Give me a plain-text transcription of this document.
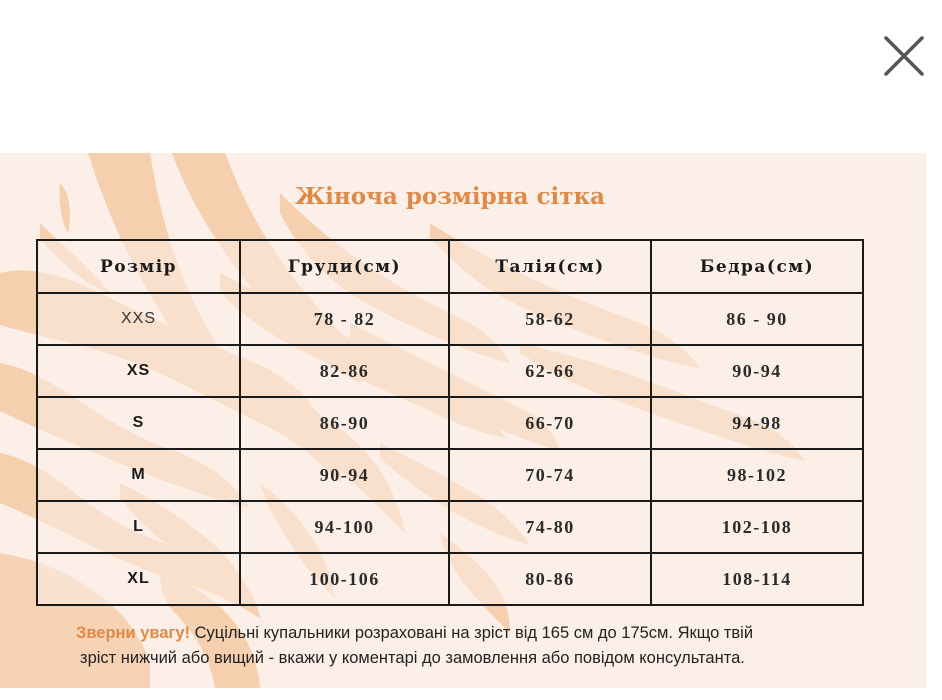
Жіноча розмірна сітка
Розмір	Груди(см)	Талія(см)	Бедра(см)
XXS	78 - 82	58-62	86 - 90
XS	82-86	62-66	90-94
S	86-90	66-70	94-98
M	90-94	70-74	98-102
L	94-100	74-80	102-108
XL	100-106	80-86	108-114
Зверни увагу! Суцільні купальники розраховані на зріст від 165 см до 175см. Якщо твій
зріст нижчий або вищий - вкажи у коментарі до замовлення або повідом консультанта.
